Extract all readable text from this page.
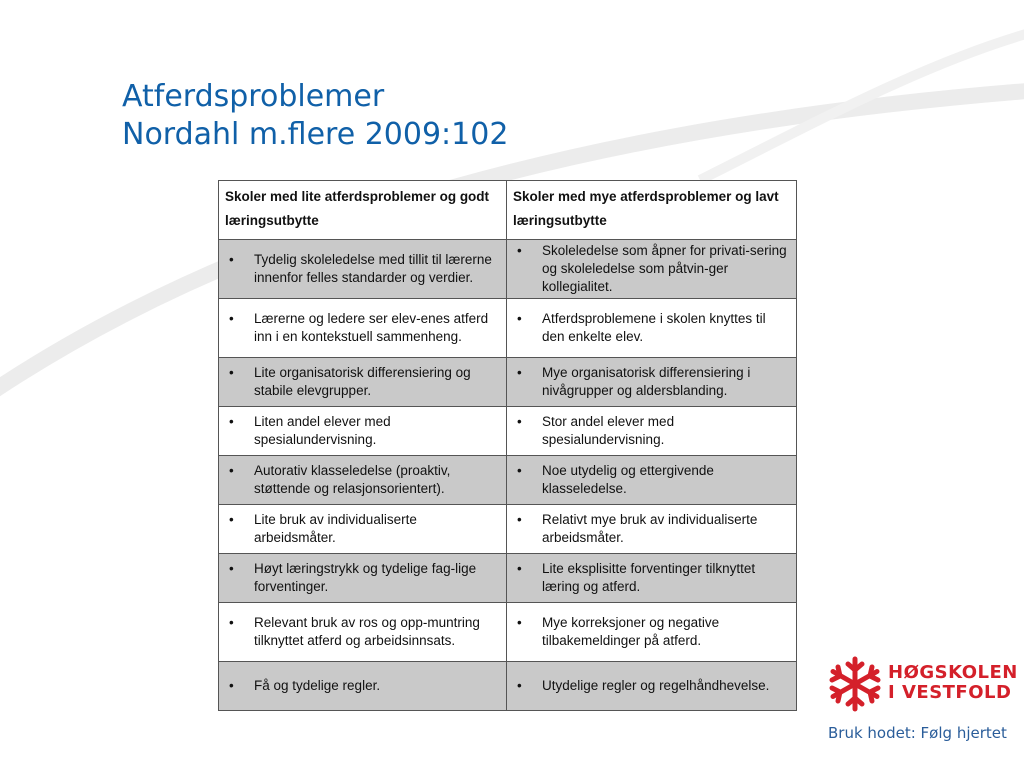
Atferdsproblemer
Nordahl m.flere 2009:102
Skoler med lite atferdsproblemer og godt læringsutbytte	Skoler med mye atferdsproblemer og lavt læringsutbytte

• Tydelig skoleledelse med tillit til lærerne innenfor felles standarder og verdier.	• Skoleledelse som åpner for privati-sering og skoleledelse som påtvin-ger kollegialitet.

• Lærerne og ledere ser elev-enes atferd inn i en kontekstuell sammenheng.	• Atferdsproblemene i skolen knyttes til den enkelte elev.

• Lite organisatorisk differensiering og stabile elevgrupper.	• Mye organisatorisk differensiering i nivågrupper og aldersblanding.

• Liten andel elever med spesialundervisning.	• Stor andel elever med spesialundervisning.

• Autorativ klasseledelse (proaktiv, støttende og relasjonsorientert).	• Noe utydelig og ettergivende klasseledelse.

• Lite bruk av individualiserte arbeidsmåter.	• Relativt mye bruk av individualiserte arbeidsmåter.

• Høyt læringstrykk og tydelige fag-lige forventinger.	• Lite eksplisitte forventinger tilknyttet læring og atferd.

• Relevant bruk av ros og opp-muntring tilknyttet atferd og arbeidsinnsats.	• Mye korreksjoner og negative tilbakemeldinger på atferd.

• Få og tydelige regler.	• Utydelige regler og regelhåndhevelse.
HØGSKOLEN
I VESTFOLD
Bruk hodet: Følg hjertet
